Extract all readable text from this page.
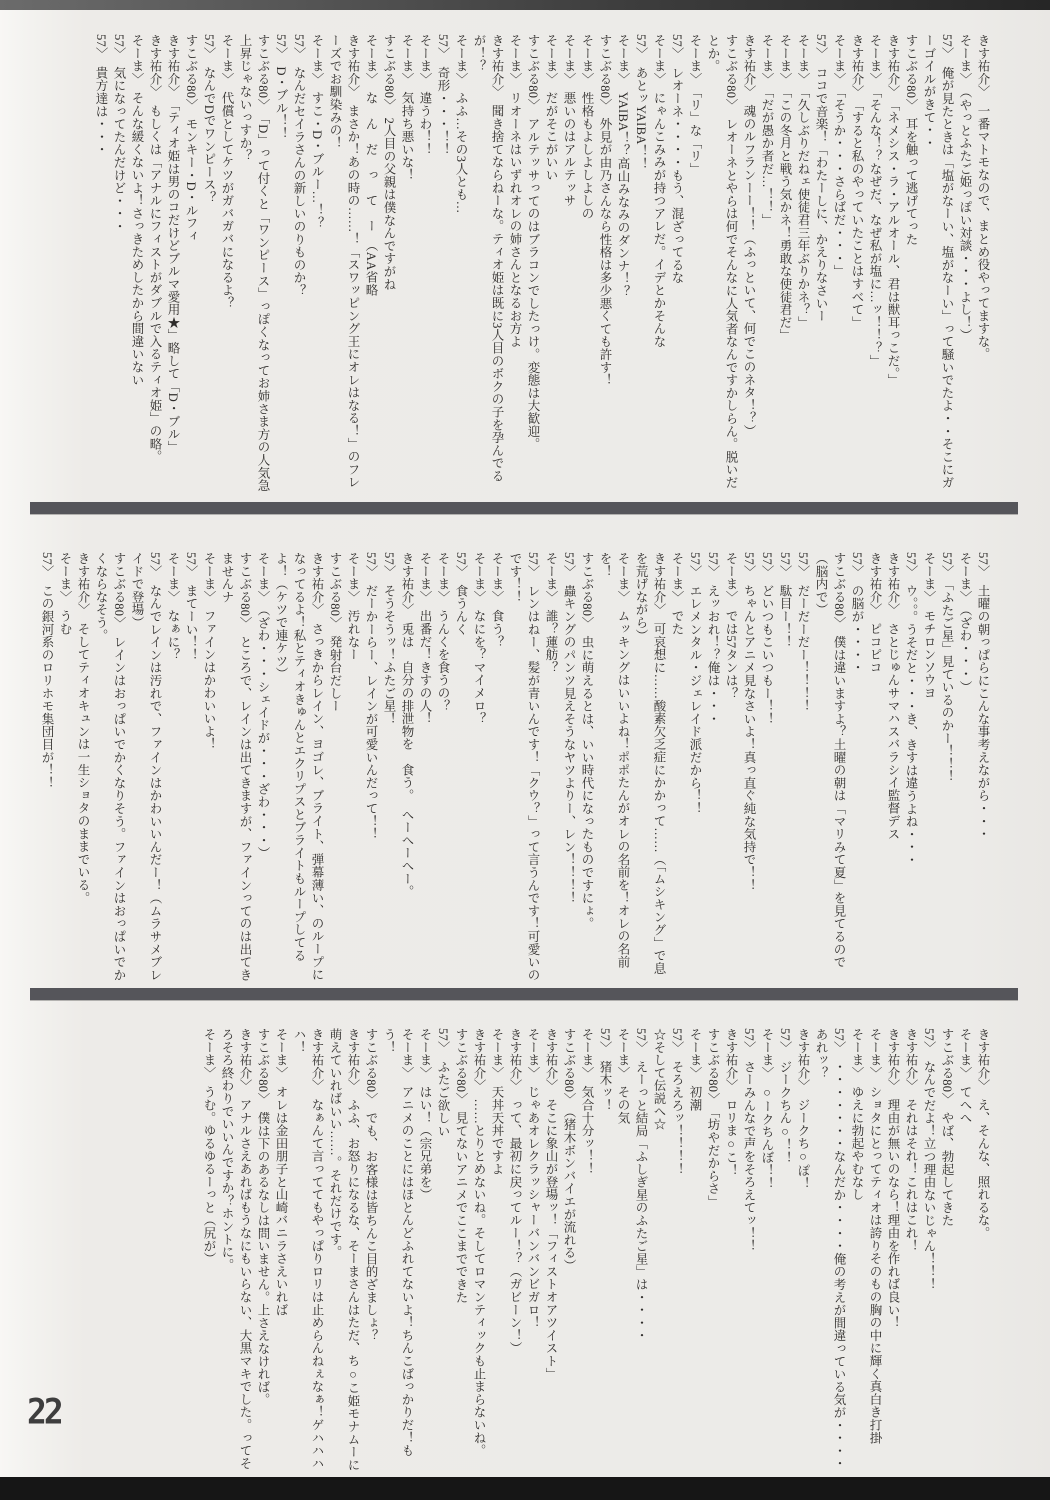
きす祐介〉　一番マトモなので、まとめ役やってますな。
そーま〉　（やっとふたご姫っぽい対談・・・よし！）
57〉　俺が見たときは「塩がなーい、塩がなーい」って騒いでたよ・・そこにガーゴイルがきて・・
すこぶる80〉　耳を触って逃げてった
きす祐介〉　「ネメシス・ラ・アルオール、君は獣耳っこだ。」
そーま〉　「そんな！？なぜだ、なぜ私が塩に…ッ！！？」
きす祐介〉　「すると私のやっていたことはすべて」
そーま〉　「そうか・・・さらばだ・・・」
57〉　ココで音楽！「わたーしに、かえりなさいー
そーま〉　「久しぶりだねェ使徒君三年ぶりかネ？」
そーま〉　「この冬月と戦う気かネ！勇敢な使徒君だ」
そーま〉　「だが愚か者だ…！！」
きす祐介〉　魂のルフランーー！！（ふっといて、何でこのネタ！？）
すこぶる80〉　レオーネとやらは何でそんなに人気者なんですかしらん。脱いだとか。
そーま〉　「リ」な「リ」
57〉　レオーネ・・・・もう、混ざってるな
そーま〉　にゃんこみみが持つアレだ。イデとかそんな
57〉　あとッYAIBA！！
そーま〉　YAIBA！？高山みなみのダンナ！？
すこぶる80〉　外見が由乃さんなら性格は多少悪くても許す！
そーま〉　性格もよしよしよしの
そーま〉　悪いのはアルテッサ
そーま〉　だがそこがいい
すこぶる80〉　アルテッサってのはブラコンでしたっけ。変態は大歓迎。
そーま〉　リオーネはいずれオレの姉さんとなるお方よ
きす祐介〉　聞き捨てならねーな。ティオ姫は既に3人目のボクの子を孕んでるが！？
そーま〉　ふふ…その3人とも…
57〉　奇形・・・！！
そーま〉　違うわ！！
そーま〉　気持ち悪いな！
すこぶる80〉　2人目の父親は僕なんですがね
そーま〉　な　ん　だ　っ　て　ー　（AA省略
きす祐介〉　まさか！あの時の……！「スワッピング王にオレはなる！」のフレーズでお馴染みの！
そーま〉　すこ・D・ブルー…！？
57〉　なんだセイラさんの新しいのりものか？
57〉　D・ブル！！
すこぶる80〉　「D」って付くと「ワンピース」っぽくなってお姉さま方の人気急上昇じゃないっすか？
そーま〉　代償としてケツがガバガバになるよ？
57〉　なんでDでワンピース？
すこぶる80〉　モンキー・D・ルフィ
きす祐介〉　「ティオ姫は男のコだけどブルマ愛用★」略して「D・ブル」
きす祐介〉　もしくは「アナルにフィストがダブルで入るティオ姫」の略。
そーま〉　そんな緩くないよ！さっきためしたから間違いない
57〉　気になってたんだけど・・・
57〉　貴方達は・・・
57〉　土曜の朝っぱらにこんな事考えながら・・・
そーま〉　（ざわ・・・）
57〉　「ふたご星」見ているのかー！！！
そーま〉　モチロンソウヨ
57〉　ウ。。。うそだと・・・き、きすは違うよね・・・
きす祐介〉　さとじゅんサマハスバラシイ監督デス
きす祐介〉　ピコピコ
57〉　の脳が・・・・
すこぶる80〉　僕は違いますよ？土曜の朝は「マリみて夏」を見てるので（脳内で）
57〉　だーだーだー！！！！
57〉　駄目ー！！
57〉　どいつもこいつもー！！
57〉　ちゃんとアニメ見なさいよ！真っ直ぐ純な気持で！！
そーま〉　では57タンは？
57〉　えッおれ！？俺は・・・
57〉　エレメンタル・ジェレイド派だから！！
そーま〉　でた
きす祐介〉　可哀想に……酸素欠乏症にかかって……（「ムシキング」で息を荒げながら）
そーま〉　ムッキングはいいよね！ポポたんがオレの名前を！オレの名前を！
すこぶる80〉　虫に萌えるとは、いい時代になったものですにょ。
57〉　蟲キングのパンツ見えそうなヤツよりー、レン！！！！
そーま〉　誰？蓮舫？
57〉　レンはねー、髪が青いんです！「クウ？」って言うんです！可愛いのです！！
そーま〉　食う？
そーま〉　なにを？マイメロ？
57〉　食うんく
そーま〉　うんくを食うの？
そーま〉　出番だ！きすの人！
きす祐介〉　兎は　自分の排泄物を　食う。　へーへーへー。
57〉　そうそうッ！ふたご星！
57〉　だーかーらー、レインが可愛いんだって！！
そーま〉　汚れなー
すこぶる80〉　発射台だしー
きす祐介〉　さっきからレイン、ヨゴレ、ブライト、弾幕薄い、のループになってるよ！私とティオきゅんとエクリプスとブライトもループしてるよ！（ケツで連ケツ）
そーま〉　（ざわ・・・シェイドが・・・ざわ・・・）
すこぶる80〉　ところで、レインは出てきますが、ファインってのは出てきませんナ
そーま〉　ファインはかわいいよ！
57〉　まてーい！！
そーま〉　なぁに？
57〉　なんでレインは汚れで、ファインはかわいいんだー！（ムラサメブレイドで登場）
すこぶる80〉　レインはおっぱいでかくなりそう。ファインはおっぱいでかくならなそう。
きす祐介〉　そしてティオキュンは一生ショタのままでいる。
そーま〉　うむ
57〉　この銀河系のロリホモ集団目が！！
きす祐介〉　え、そんな、照れるな。
そーま〉　てへへ
すこぶる80〉　やば、勃起してきた
57〉　なんでだよ！立つ理由ないじゃん！！！
きす祐介〉　それはそれ！これはこれ！
きす祐介〉　理由が無いのなら！理由を作れば良い！
そーま〉　ショタにとってティオは誇りそのもの胸の中に輝く真白き打掛
そーま〉　ゆえに勃起やむなし
57〉　・・・・・・・なんだか・・・・俺の考えが間違っている気が・・・・あれッ？
きす祐介〉　ジークち○ぽ！
57〉　ジークちん○！！
そーま〉　○ークちんぼ！！
57〉　さーみんなで声をそろえてッ！！
きす祐介〉　ロリま○こ！
すこぶる80〉　「坊やだからさ」
そーま〉　初潮
57〉　そろえろッ！！！！
☆そして伝説へ☆
57〉　えーっと結局「ふしぎ星のふたご星」は・・・・
そーま〉　その気
57〉　猪木ッ！
そーま〉　気合十分ッ！！
すこぶる80〉　（猪木ボンバイエが流れる）
きす祐介〉　そこに象山が登場ッ！「フィストオアツイスト」
そーま〉　じゃあオレクラッシャーバンバンビガロ！
きす祐介〉　って、最初に戻ってルー！？（ガビーン！）
そーま〉　天丼天丼ですよ
きす祐介〉　……とりとめないね。そしてロマンティックも止まらないね。
すこぶる80〉　見てないアニメでここまでできた
57〉　ふたご欲しい
そーま〉　はい！（宗兄弟を）
そーま〉　アニメのことにはほとんどふれてないよ！ちんこばっかりだ！もう！
すこぶる80〉　でも、お客様は皆ちんこ目的ざましょ？
きす祐介〉　ふふ、お怒りになるな、そーまさんはただ、ち○こ姫モナムーに萌えていればいい……。それだけです。
きす祐介〉　なぁんて言っててもやっぱりロリは止めらんねぇなぁ！ゲハハハハ！
そーま〉　オレは金田朋子と山崎バニラさえいれば
すこぶる80〉　僕は下のあるなしは問いません。上さえなければ。
きす祐介〉　アナルさえあればもうなにもいらない、大黒マキでした。ってそろそろ終わりでいいんですか？ホントに。
そーま〉　うむ。ゆるゆるーっと（尻が）
22
